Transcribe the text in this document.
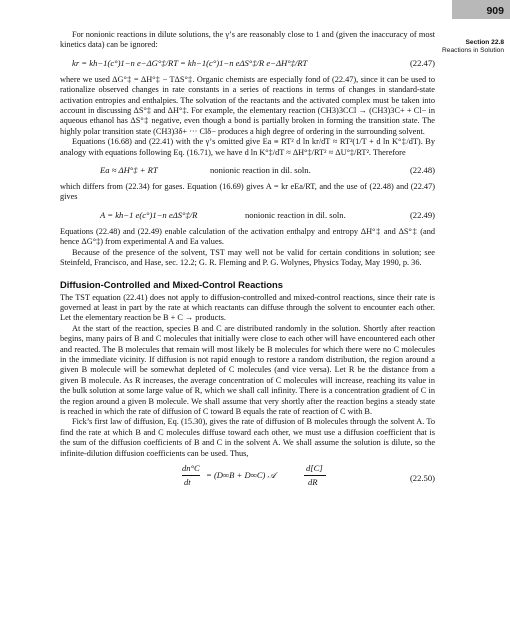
909
Section 22.8
Reactions in Solution

For nonionic reactions in dilute solutions, the γ’s are reasonably close to 1 and (given the inaccuracy of most kinetics data) can be ignored:

kr = kh−1(c°)1−n e−ΔG°‡/RT = kh−1(c°)1−n eΔS°‡/R e−ΔH°‡/RT	(22.47)

where we used ΔG°‡ = ΔH°‡ − TΔS°‡. Organic chemists are especially fond of (22.47), since it can be used to rationalize observed changes in rate constants in a series of reactions in terms of changes in standard-state activation entropies and enthalpies. The solvation of the reactants and the activated complex must be taken into account in discussing ΔS°‡ and ΔH°‡. For example, the elementary reaction (CH3)3CCl → (CH3)3C+ + Cl− in aqueous ethanol has ΔS°‡ negative, even though a bond is partially broken in forming the transition state. The highly polar transition state (CH3)3δ+ ··· Clδ− produces a high degree of ordering in the surrounding solvent.

Equations (16.68) and (22.41) with the γ’s omitted give Ea ≡ RT² d ln kr/dT ≈ RT²(1/T + d ln K°‡/dT). By analogy with equations following Eq. (16.71), we have d ln K°‡/dT ≈ ΔH°‡/RT² ≈ ΔU°‡/RT². Therefore

Ea ≈ ΔH°‡ + RT	nonionic reaction in dil. soln.	(22.48)

which differs from (22.34) for gases. Equation (16.69) gives A = kr eEa/RT, and the use of (22.48) and (22.47) gives

A = kh−1 e(c°)1−n eΔS°‡/R	nonionic reaction in dil. soln.	(22.49)

Equations (22.48) and (22.49) enable calculation of the activation enthalpy and entropy ΔH°‡ and ΔS°‡ (and hence ΔG°‡) from experimental A and Ea values.

Because of the presence of the solvent, TST may well not be valid for certain conditions in solution; see Steinfeld, Francisco, and Hase, sec. 12.2; G. R. Fleming and P. G. Wolynes, Physics Today, May 1990, p. 36.

Diffusion-Controlled and Mixed-Control Reactions

The TST equation (22.41) does not apply to diffusion-controlled and mixed-control reactions, since their rate is governed at least in part by the rate at which reactants can diffuse through the solvent to encounter each other. Let the elementary reaction be B + C → products.

At the start of the reaction, species B and C are distributed randomly in the solution. Shortly after reaction begins, many pairs of B and C molecules that initially were close to each other will have encountered each other and reacted. The B molecules that remain will most likely be B molecules for which there were no C molecules in the immediate vicinity. If diffusion is not rapid enough to restore a random distribution, the region around a given B molecule will be somewhat depleted of C molecules (and vice versa). Let R be the distance from a given B molecule. As R increases, the average concentration of C molecules will increase, reaching its value in the bulk solution at some large value of R, which we shall call infinity. There is a concentration gradient of C in the region around a given B molecule. We shall assume that very shortly after the reaction begins a steady state is reached in which the rate of diffusion of C toward B equals the rate of reaction of C with B.

Fick’s first law of diffusion, Eq. (15.30), gives the rate of diffusion of B molecules through the solvent A. To find the rate at which B and C molecules diffuse toward each other, we must use a diffusion coefficient that is the sum of the diffusion coefficients of B and C in the solvent A. We shall assume the solution is dilute, so the infinite-dilution diffusion coefficients can be used. Thus,

dn°C
dt
= (D∞B + D∞C) 𝒜
d[C]
dR	(22.50)
